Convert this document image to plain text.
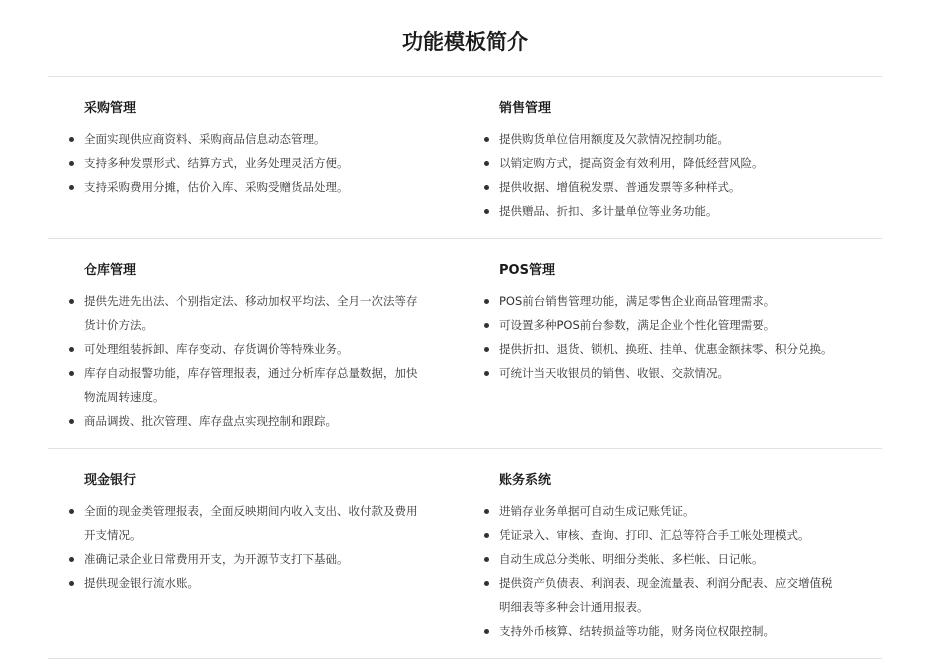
功能模板简介
采购管理
全面实现供应商资料、采购商品信息动态管理。
支持多种发票形式、结算方式，业务处理灵活方便。
支持采购费用分摊，估价入库、采购受赠货品处理。
销售管理
提供购货单位信用额度及欠款情况控制功能。
以销定购方式，提高资金有效利用，降低经营风险。
提供收据、增值税发票、普通发票等多种样式。
提供赠品、折扣、多计量单位等业务功能。
仓库管理
提供先进先出法、个别指定法、移动加权平均法、全月一次法等存货计价方法。
可处理组装拆卸、库存变动、存货调价等特殊业务。
库存自动报警功能，库存管理报表，通过分析库存总量数据，加快物流周转速度。
商品调拨、批次管理、库存盘点实现控制和跟踪。
POS管理
POS前台销售管理功能，满足零售企业商品管理需求。
可设置多种POS前台参数，满足企业个性化管理需要。
提供折扣、退货、锁机、换班、挂单、优惠金额抹零、积分兑换。
可统计当天收银员的销售、收银、交款情况。
现金银行
全面的现金类管理报表，全面反映期间内收入支出、收付款及费用开支情况。
准确记录企业日常费用开支，为开源节支打下基础。
提供现金银行流水账。
账务系统
进销存业务单据可自动生成记账凭证。
凭证录入、审核、查询、打印、汇总等符合手工帐处理模式。
自动生成总分类帐、明细分类帐、多栏帐、日记帐。
提供资产负债表、利润表、现金流量表、利润分配表、应交增值税明细表等多种会计通用报表。
支持外币核算、结转损益等功能，财务岗位权限控制。
